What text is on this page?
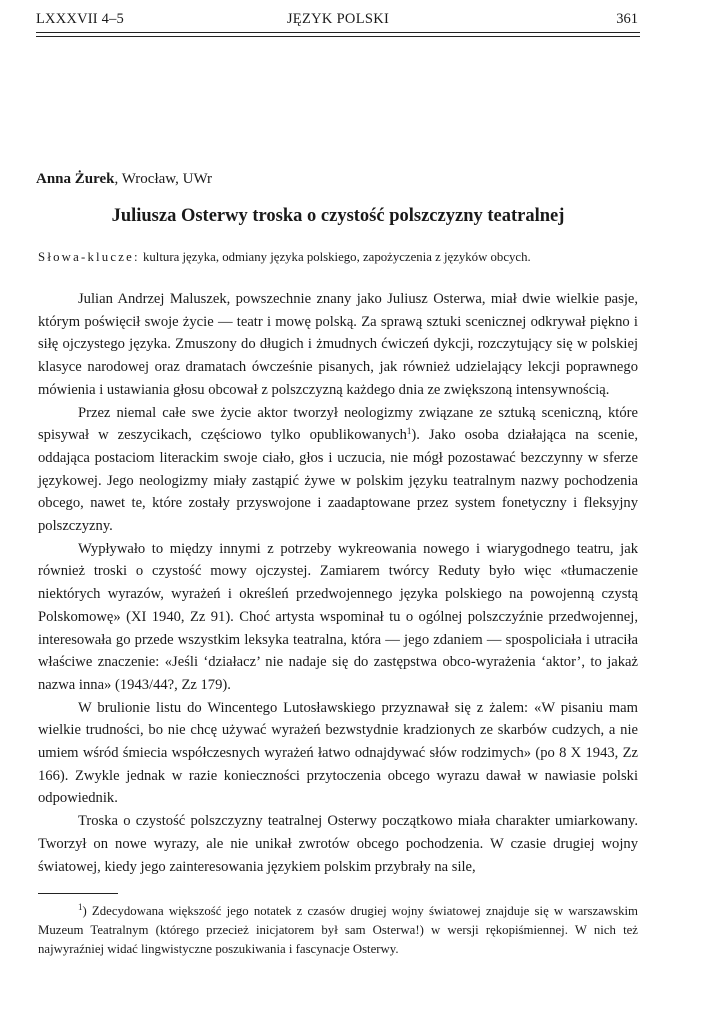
LXXXVII 4–5	JĘZYK POLSKI	361
Anna Żurek, Wrocław, UWr
Juliusza Osterwy troska o czystość polszczyzny teatralnej
Słowa-klucze: kultura języka, odmiany języka polskiego, zapożyczenia z języków obcych.

Julian Andrzej Maluszek, powszechnie znany jako Juliusz Osterwa, miał dwie wielkie pasje, którym poświęcił swoje życie — teatr i mowę polską. Za sprawą sztuki scenicznej odkrywał piękno i siłę ojczystego języka. Zmuszony do długich i żmudnych ćwiczeń dykcji, rozczytujący się w polskiej klasyce narodowej oraz dramatach ówcześnie pisanych, jak również udzielający lekcji poprawnego mówienia i ustawiania głosu obcował z polszczyzną każdego dnia ze zwiększoną intensywnością.

Przez niemal całe swe życie aktor tworzył neologizmy związane ze sztuką sceniczną, które spisywał w zeszycikach, częściowo tylko opublikowanych$^1$). Jako osoba działająca na scenie, oddająca postaciom literackim swoje ciało, głos i uczucia, nie mógł pozostawać bezczynny w sferze językowej. Jego neologizmy miały zastąpić żywe w polskim języku teatralnym nazwy pochodzenia obcego, nawet te, które zostały przyswojone i zaadaptowane przez system fonetyczny i fleksyjny polszczyzny.

Wypływało to między innymi z potrzeby wykreowania nowego i wiarygodnego teatru, jak również troski o czystość mowy ojczystej. Zamiarem twórcy Reduty było więc «tłumaczenie niektórych wyrazów, wyrażeń i określeń przedwojennego języka polskiego na powojenną czystą Polskomowę» (XI 1940, Zz 91). Choć artysta wspominał tu o ogólnej polszczyźnie przedwojennej, interesowała go przede wszystkim leksyka teatralna, która — jego zdaniem — spospoliciała i utraciła właściwe znaczenie: «Jeśli ‘działacz’ nie nadaje się do zastępstwa obco-wyrażenia ‘aktor’, to jakaż nazwa inna» (1943/44?, Zz 179).

W brulionie listu do Wincentego Lutosławskiego przyznawał się z żalem: «W pisaniu mam wielkie trudności, bo nie chcę używać wyrażeń bezwstydnie kradzionych ze skarbów cudzych, a nie umiem wśród śmiecia współczesnych wyrażeń łatwo odnajdywać słów rodzimych» (po 8 X 1943, Zz 166). Zwykle jednak w razie konieczności przytoczenia obcego wyrazu dawał w nawiasie polski odpowiednik.

Troska o czystość polszczyzny teatralnej Osterwy początkowo miała charakter umiarkowany. Tworzył on nowe wyrazy, ale nie unikał zwrotów obcego pochodzenia. W czasie drugiej wojny światowej, kiedy jego zainteresowania językiem polskim przybrały na sile,

$^1$) Zdecydowana większość jego notatek z czasów drugiej wojny światowej znajduje się w warszawskim Muzeum Teatralnym (którego przecież inicjatorem był sam Osterwa!) w wersji rękopiśmiennej. W nich też najwyraźniej widać lingwistyczne poszukiwania i fascynacje Osterwy.
